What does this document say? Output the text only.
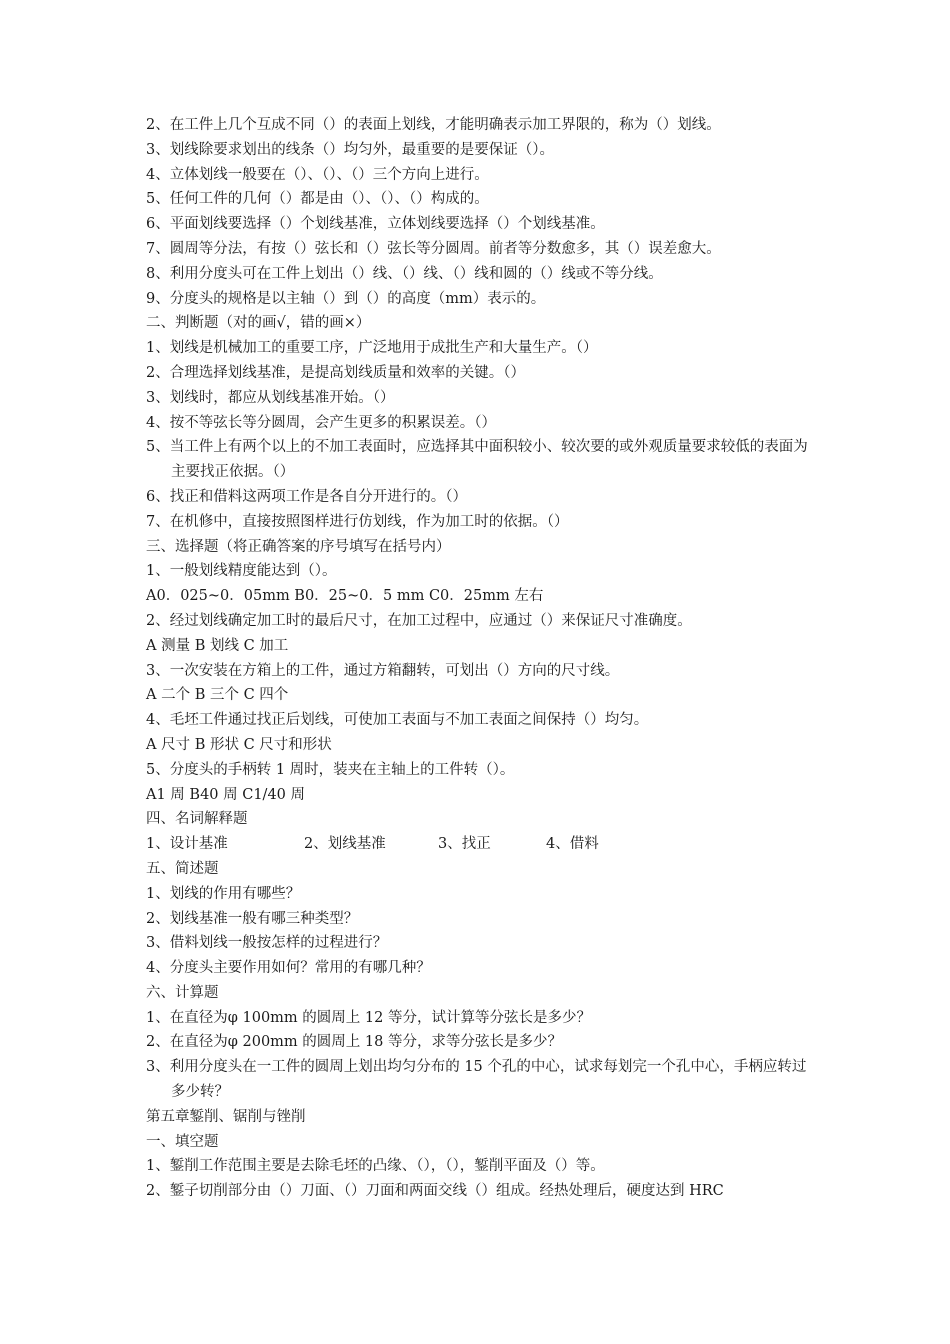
2、在工件上几个互成不同（）的表面上划线，才能明确表示加工界限的，称为（）划线。
3、划线除要求划出的线条（）均匀外，最重要的是要保证（）。
4、立体划线一般要在（）、（）、（）三个方向上进行。
5、任何工件的几何（）都是由（）、（）、（）构成的。
6、平面划线要选择（）个划线基准，立体划线要选择（）个划线基准。
7、圆周等分法，有按（）弦长和（）弦长等分圆周。前者等分数愈多，其（）误差愈大。
8、利用分度头可在工件上划出（）线、（）线、（）线和圆的（）线或不等分线。
9、分度头的规格是以主轴（）到（）的高度（mm）表示的。
二、判断题（对的画√，错的画×）
1、划线是机械加工的重要工序，广泛地用于成批生产和大量生产。（）
2、合理选择划线基准，是提高划线质量和效率的关键。（）
3、划线时，都应从划线基准开始。（）
4、按不等弦长等分圆周，会产生更多的积累误差。（）
5、当工件上有两个以上的不加工表面时，应选择其中面积较小、较次要的或外观质量要求较低的表面为主要找正依据。（）
6、找正和借料这两项工作是各自分开进行的。（）
7、在机修中，直接按照图样进行仿划线，作为加工时的依据。（）
三、选择题（将正确答案的序号填写在括号内）
1、一般划线精度能达到（）。
A0．025~0．05mm B0．25~0．5 mm C0．25mm 左右
2、经过划线确定加工时的最后尺寸，在加工过程中，应通过（）来保证尺寸准确度。
A 测量 B 划线 C 加工
3、一次安装在方箱上的工件，通过方箱翻转，可划出（）方向的尺寸线。
A 二个 B 三个 C 四个
4、毛坯工件通过找正后划线，可使加工表面与不加工表面之间保持（）均匀。
A 尺寸 B 形状 C 尺寸和形状
5、分度头的手柄转 1 周时，装夹在主轴上的工件转（）。
A1 周 B40 周 C1/40 周
四、名词解释题
1、设计基准	2、划线基准	3、找正	4、借料
五、简述题
1、划线的作用有哪些？
2、划线基准一般有哪三种类型？
3、借料划线一般按怎样的过程进行？
4、分度头主要作用如何？常用的有哪几种？
六、计算题
1、在直径为φ 100mm 的圆周上 12 等分，试计算等分弦长是多少？
2、在直径为φ 200mm 的圆周上 18 等分，求等分弦长是多少？
3、利用分度头在一工件的圆周上划出均匀分布的 15 个孔的中心，试求每划完一个孔中心，手柄应转过多少转？
第五章錾削、锯削与锉削
一、填空题
1、錾削工作范围主要是去除毛坯的凸缘、（），（），錾削平面及（）等。
2、錾子切削部分由（）刀面、（）刀面和两面交线（）组成。经热处理后，硬度达到 HRC
